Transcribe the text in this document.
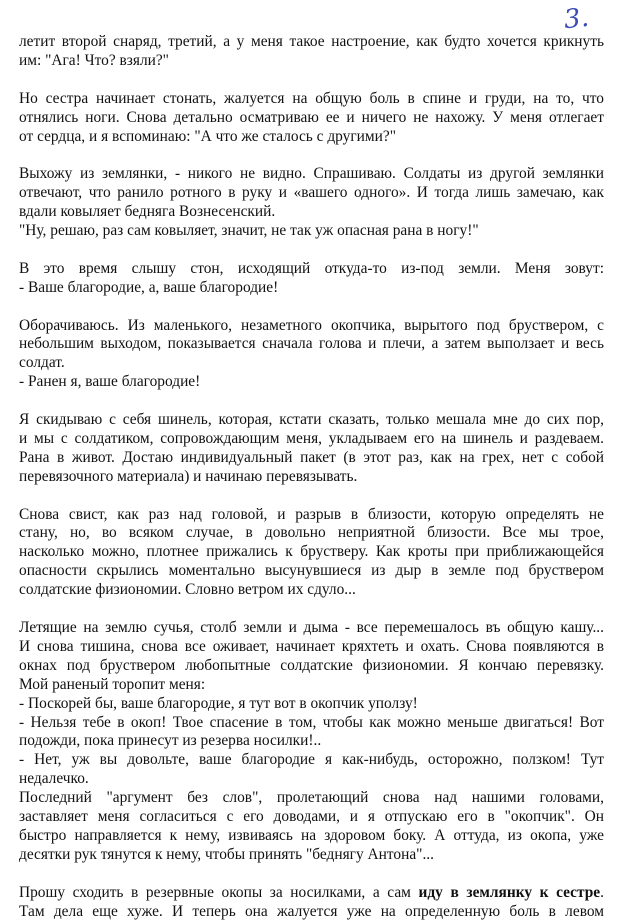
3.

летит второй снаряд, третий, а у меня такое настроение, как будто хочется крикнуть
им: "Ага! Что? взяли?"

Но сестра начинает стонать, жалуется на общую боль в спине и груди, на то, что
отнялись ноги. Снова детально осматриваю ее и ничего не нахожу. У меня отлегает
от сердца, и я вспоминаю: "А что же сталось с другими?"

Выхожу из землянки, - никого не видно. Спрашиваю. Солдаты из другой землянки
отвечают, что ранило ротного в руку и «вашего одного». И тогда лишь замечаю, как
вдали ковыляет бедняга Вознесенский.
"Ну, решаю, раз сам ковыляет, значит, не так уж опасная рана в ногу!"

В это время слышу стон, исходящий откуда-то из-под земли. Меня зовут:
- Ваше благородие, а, ваше благородие!

Оборачиваюсь. Из маленького, незаметного окопчика, вырытого под бруствером, с
небольшим выходом, показывается сначала голова и плечи, а затем выползает и весь
солдат.
- Ранен я, ваше благородие!

Я скидываю с себя шинель, которая, кстати сказать, только мешала мне до сих пор,
и мы с солдатиком, сопровождающим меня, укладываем его на шинель и раздеваем.
Рана в живот. Достаю индивидуальный пакет (в этот раз, как на грех, нет с собой
перевязочного материала) и начинаю перевязывать.

Снова свист, как раз над головой, и разрыв в близости, которую определять не
стану, но, во всяком случае, в довольно неприятной близости. Все мы трое,
насколько можно, плотнее прижались к брустверу. Как кроты при приближающейся
опасности скрылись моментально высунувшиеся из дыр в земле под бруствером
солдатские физиономии. Словно ветром их сдуло...

Летящие на землю сучья, столб земли и дыма - все перемешалось въ общую кашу...
И снова тишина, снова все оживает, начинает кряхтеть и охать. Снова появляются в
окнах под бруствером любопытные солдатские физиономии. Я кончаю перевязку.
Мой раненый торопит меня:
- Поскорей бы, ваше благородие, я тут вот в окопчик уползу!
- Нельзя тебе в окоп! Твое спасение в том, чтобы как можно меньше двигаться! Вот
подожди, пока принесут из резерва носилки!..
- Нет, уж вы довольте, ваше благородие я как-нибудь, осторожно, ползком! Тут
недалечко.
Последний "аргумент без слов", пролетающий снова над нашими головами,
заставляет меня согласиться с его доводами, и я отпускаю его в "окопчик". Он
быстро направляется к нему, извиваясь на здоровом боку. А оттуда, из окопа, уже
десятки рук тянутся к нему, чтобы принять "беднягу Антона"...

Прошу сходить в резервные окопы за носилками, а сам иду в землянку к сестре.
Там дела еще хуже. И теперь она жалуется уже на определенную боль в левом
